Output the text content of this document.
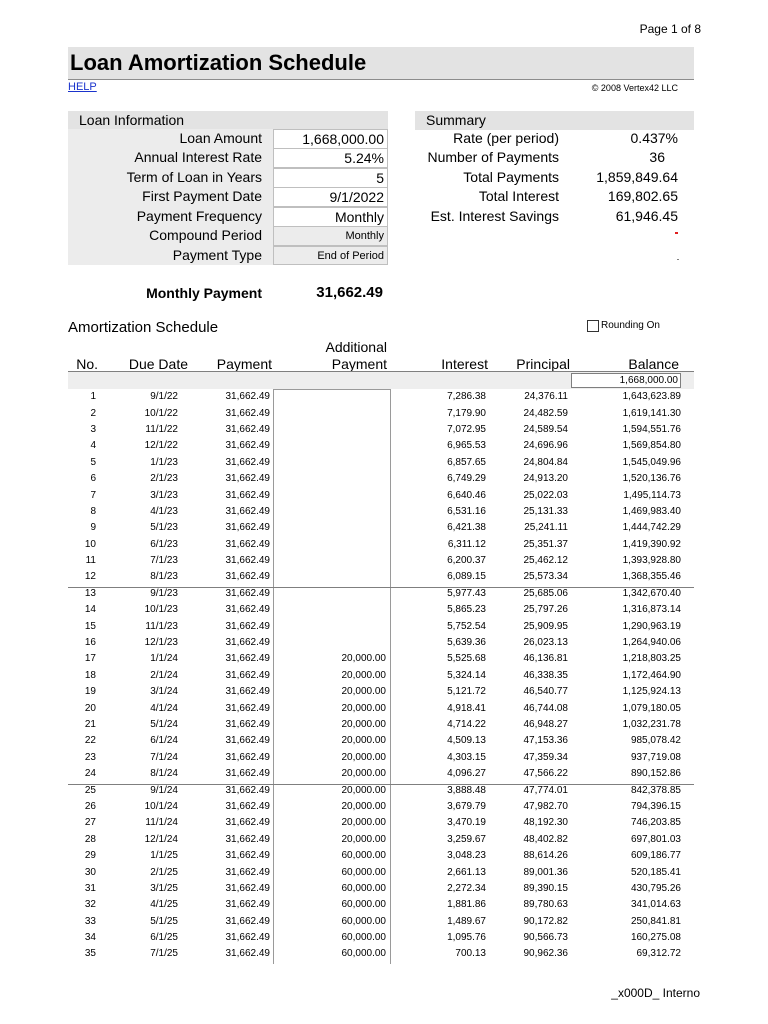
Page 1 of 8
Loan Amortization Schedule
HELP	© 2008 Vertex42 LLC
Loan Information
Loan Amount	1,668,000.00
Annual Interest Rate	5.24%
Term of Loan in Years	5
First Payment Date	9/1/2022
Payment Frequency	Monthly
Compound Period	Monthly
Payment Type	End of Period
Summary
Rate (per period)	0.437%
Number of Payments	36
Total Payments	1,859,849.64
Total Interest	169,802.65
Est. Interest Savings	61,946.45
Monthly Payment	31,662.49
Amortization Schedule	Rounding On
No.	Due Date	Payment
Additional
Payment	Interest	Principal	Balance
1,668,000.00
1	9/1/22	31,662.49		7,286.38	24,376.11	1,643,623.89
2	10/1/22	31,662.49		7,179.90	24,482.59	1,619,141.30
3	11/1/22	31,662.49		7,072.95	24,589.54	1,594,551.76
4	12/1/22	31,662.49		6,965.53	24,696.96	1,569,854.80
5	1/1/23	31,662.49		6,857.65	24,804.84	1,545,049.96
6	2/1/23	31,662.49		6,749.29	24,913.20	1,520,136.76
7	3/1/23	31,662.49		6,640.46	25,022.03	1,495,114.73
8	4/1/23	31,662.49		6,531.16	25,131.33	1,469,983.40
9	5/1/23	31,662.49		6,421.38	25,241.11	1,444,742.29
10	6/1/23	31,662.49		6,311.12	25,351.37	1,419,390.92
11	7/1/23	31,662.49		6,200.37	25,462.12	1,393,928.80
12	8/1/23	31,662.49		6,089.15	25,573.34	1,368,355.46
13	9/1/23	31,662.49		5,977.43	25,685.06	1,342,670.40
14	10/1/23	31,662.49		5,865.23	25,797.26	1,316,873.14
15	11/1/23	31,662.49		5,752.54	25,909.95	1,290,963.19
16	12/1/23	31,662.49		5,639.36	26,023.13	1,264,940.06
17	1/1/24	31,662.49	20,000.00	5,525.68	46,136.81	1,218,803.25
18	2/1/24	31,662.49	20,000.00	5,324.14	46,338.35	1,172,464.90
19	3/1/24	31,662.49	20,000.00	5,121.72	46,540.77	1,125,924.13
20	4/1/24	31,662.49	20,000.00	4,918.41	46,744.08	1,079,180.05
21	5/1/24	31,662.49	20,000.00	4,714.22	46,948.27	1,032,231.78
22	6/1/24	31,662.49	20,000.00	4,509.13	47,153.36	985,078.42
23	7/1/24	31,662.49	20,000.00	4,303.15	47,359.34	937,719.08
24	8/1/24	31,662.49	20,000.00	4,096.27	47,566.22	890,152.86
25	9/1/24	31,662.49	20,000.00	3,888.48	47,774.01	842,378.85
26	10/1/24	31,662.49	20,000.00	3,679.79	47,982.70	794,396.15
27	11/1/24	31,662.49	20,000.00	3,470.19	48,192.30	746,203.85
28	12/1/24	31,662.49	20,000.00	3,259.67	48,402.82	697,801.03
29	1/1/25	31,662.49	60,000.00	3,048.23	88,614.26	609,186.77
30	2/1/25	31,662.49	60,000.00	2,661.13	89,001.36	520,185.41
31	3/1/25	31,662.49	60,000.00	2,272.34	89,390.15	430,795.26
32	4/1/25	31,662.49	60,000.00	1,881.86	89,780.63	341,014.63
33	5/1/25	31,662.49	60,000.00	1,489.67	90,172.82	250,841.81
34	6/1/25	31,662.49	60,000.00	1,095.76	90,566.73	160,275.08
35	7/1/25	31,662.49	60,000.00	700.13	90,962.36	69,312.72
_x000D_ Interno
